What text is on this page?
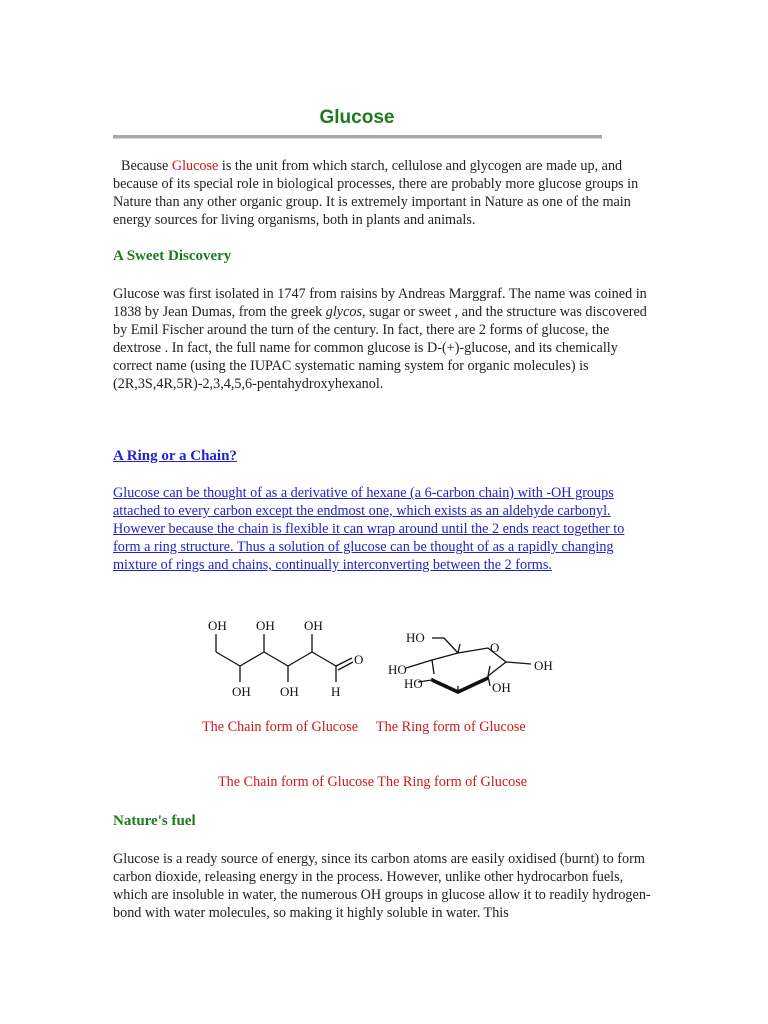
Glucose

Because Glucose is the unit from which starch, cellulose and glycogen are made up, and because of its special role in biological processes, there are probably more glucose groups in Nature than any other organic group. It is extremely important in Nature as one of the main energy sources for living organisms, both in plants and animals.

A Sweet Discovery

Glucose was first isolated in 1747 from raisins by Andreas Marggraf. The name was coined in 1838 by Jean Dumas, from the greek glycos, sugar or sweet , and the structure was discovered by Emil Fischer around the turn of the century. In fact, there are 2 forms of glucose, the dextrose . In fact, the full name for common glucose is D-(+)-glucose, and its chemically correct name (using the IUPAC systematic naming system for organic molecules) is (2R,3S,4R,5R)-2,3,4,5,6-pentahydroxyhexanol.

A Ring or a Chain?

Glucose can be thought of as a derivative of hexane (a 6-carbon chain) with -OH groups attached to every carbon except the endmost one, which exists as an aldehyde carbonyl. However because the chain is flexible it can wrap around until the 2 ends react together to form a ring structure. Thus a solution of glucose can be thought of as a rapidly changing mixture of rings and chains, continually interconverting between the 2 forms.

OH OH OH
OH OH
O
H
HO
O
HO
HO
OH
OH

The Chain form of Glucose The Ring form of Glucose

The Chain form of Glucose The Ring form of Glucose

Nature's fuel

Glucose is a ready source of energy, since its carbon atoms are easily oxidised (burnt) to form carbon dioxide, releasing energy in the process. However, unlike other hydrocarbon fuels, which are insoluble in water, the numerous OH groups in glucose allow it to readily hydrogen-bond with water molecules, so making it highly soluble in water. This
